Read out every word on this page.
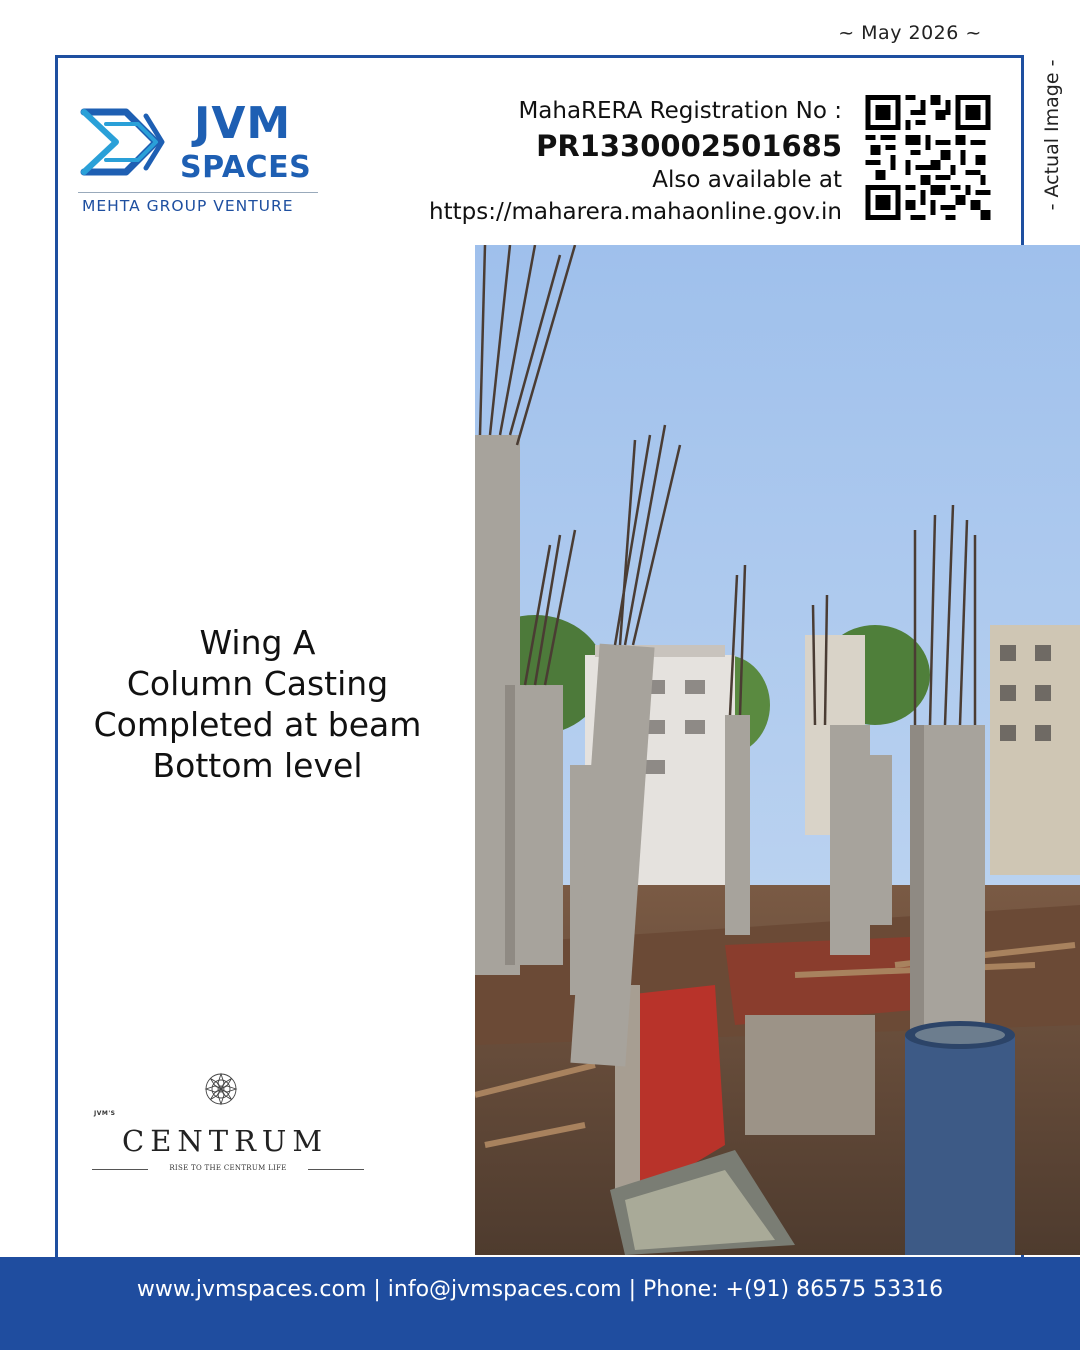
~ May 2026 ~
- Actual Image -
JVM
SPACES
MEHTA GROUP VENTURE
MahaRERA Registration No :
PR1330002501685
Also available at
https://maharera.mahaonline.gov.in
Wing A
Column Casting
Completed at beam
Bottom level
JVM'S
CENTRUM
RISE TO THE CENTRUM LIFE
www.jvmspaces.com | info@jvmspaces.com | Phone: +(91) 86575 53316
